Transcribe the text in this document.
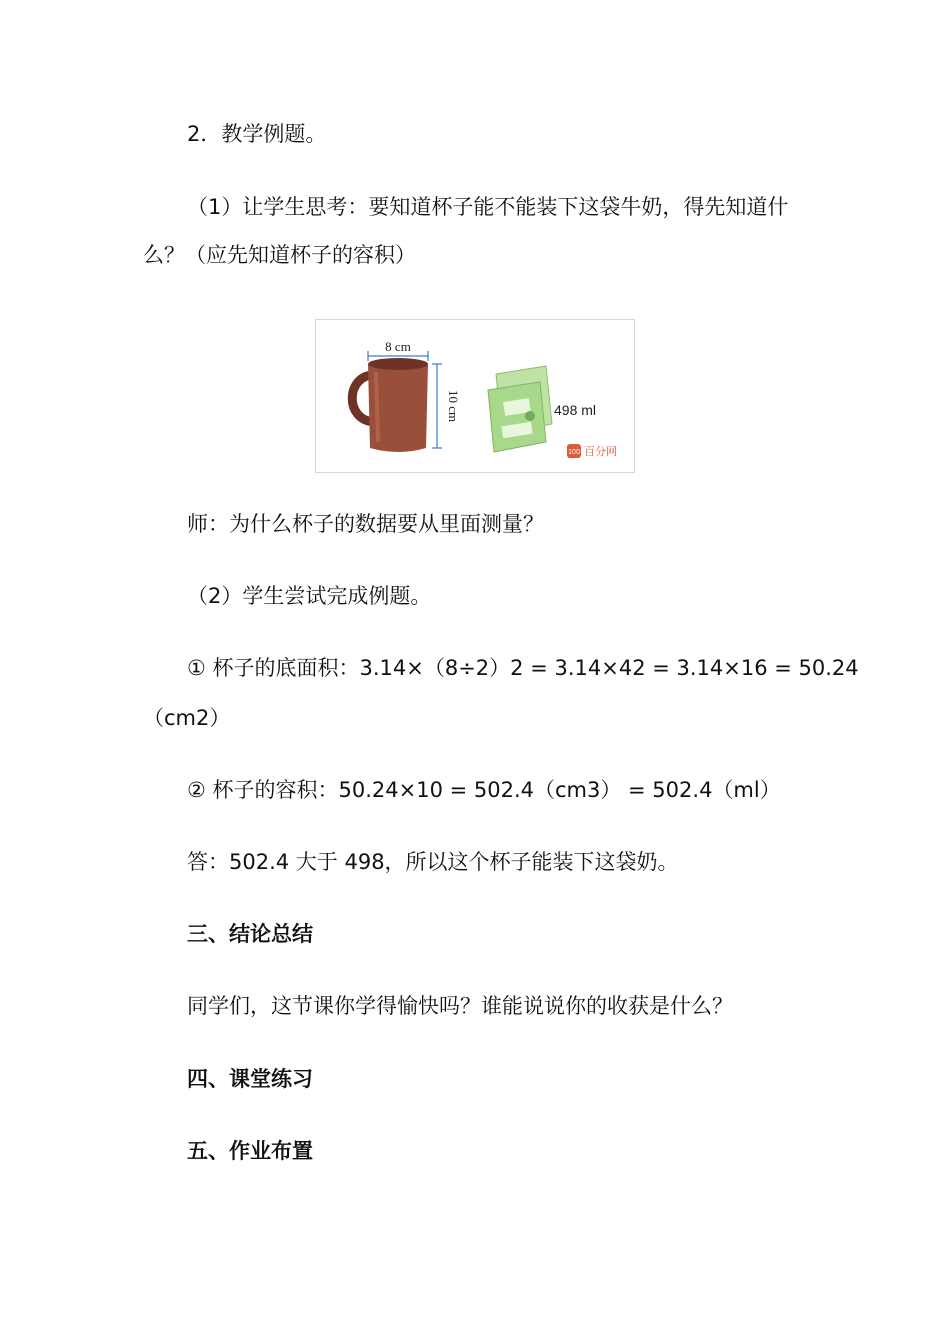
2．教学例题。
（1）让学生思考：要知道杯子能不能装下这袋牛奶，得先知道什
么？（应先知道杯子的容积）
8 cm
10 cm	498 ml
100 百分网
师：为什么杯子的数据要从里面测量？
（2）学生尝试完成例题。
① 杯子的底面积：3.14×（8÷2）2 = 3.14×42 = 3.14×16 = 50.24
（cm2）
② 杯子的容积：50.24×10 = 502.4（cm3） = 502.4（ml）
答：502.4 大于 498，所以这个杯子能装下这袋奶。
三、结论总结
同学们，这节课你学得愉快吗？谁能说说你的收获是什么？
四、课堂练习
五、作业布置
